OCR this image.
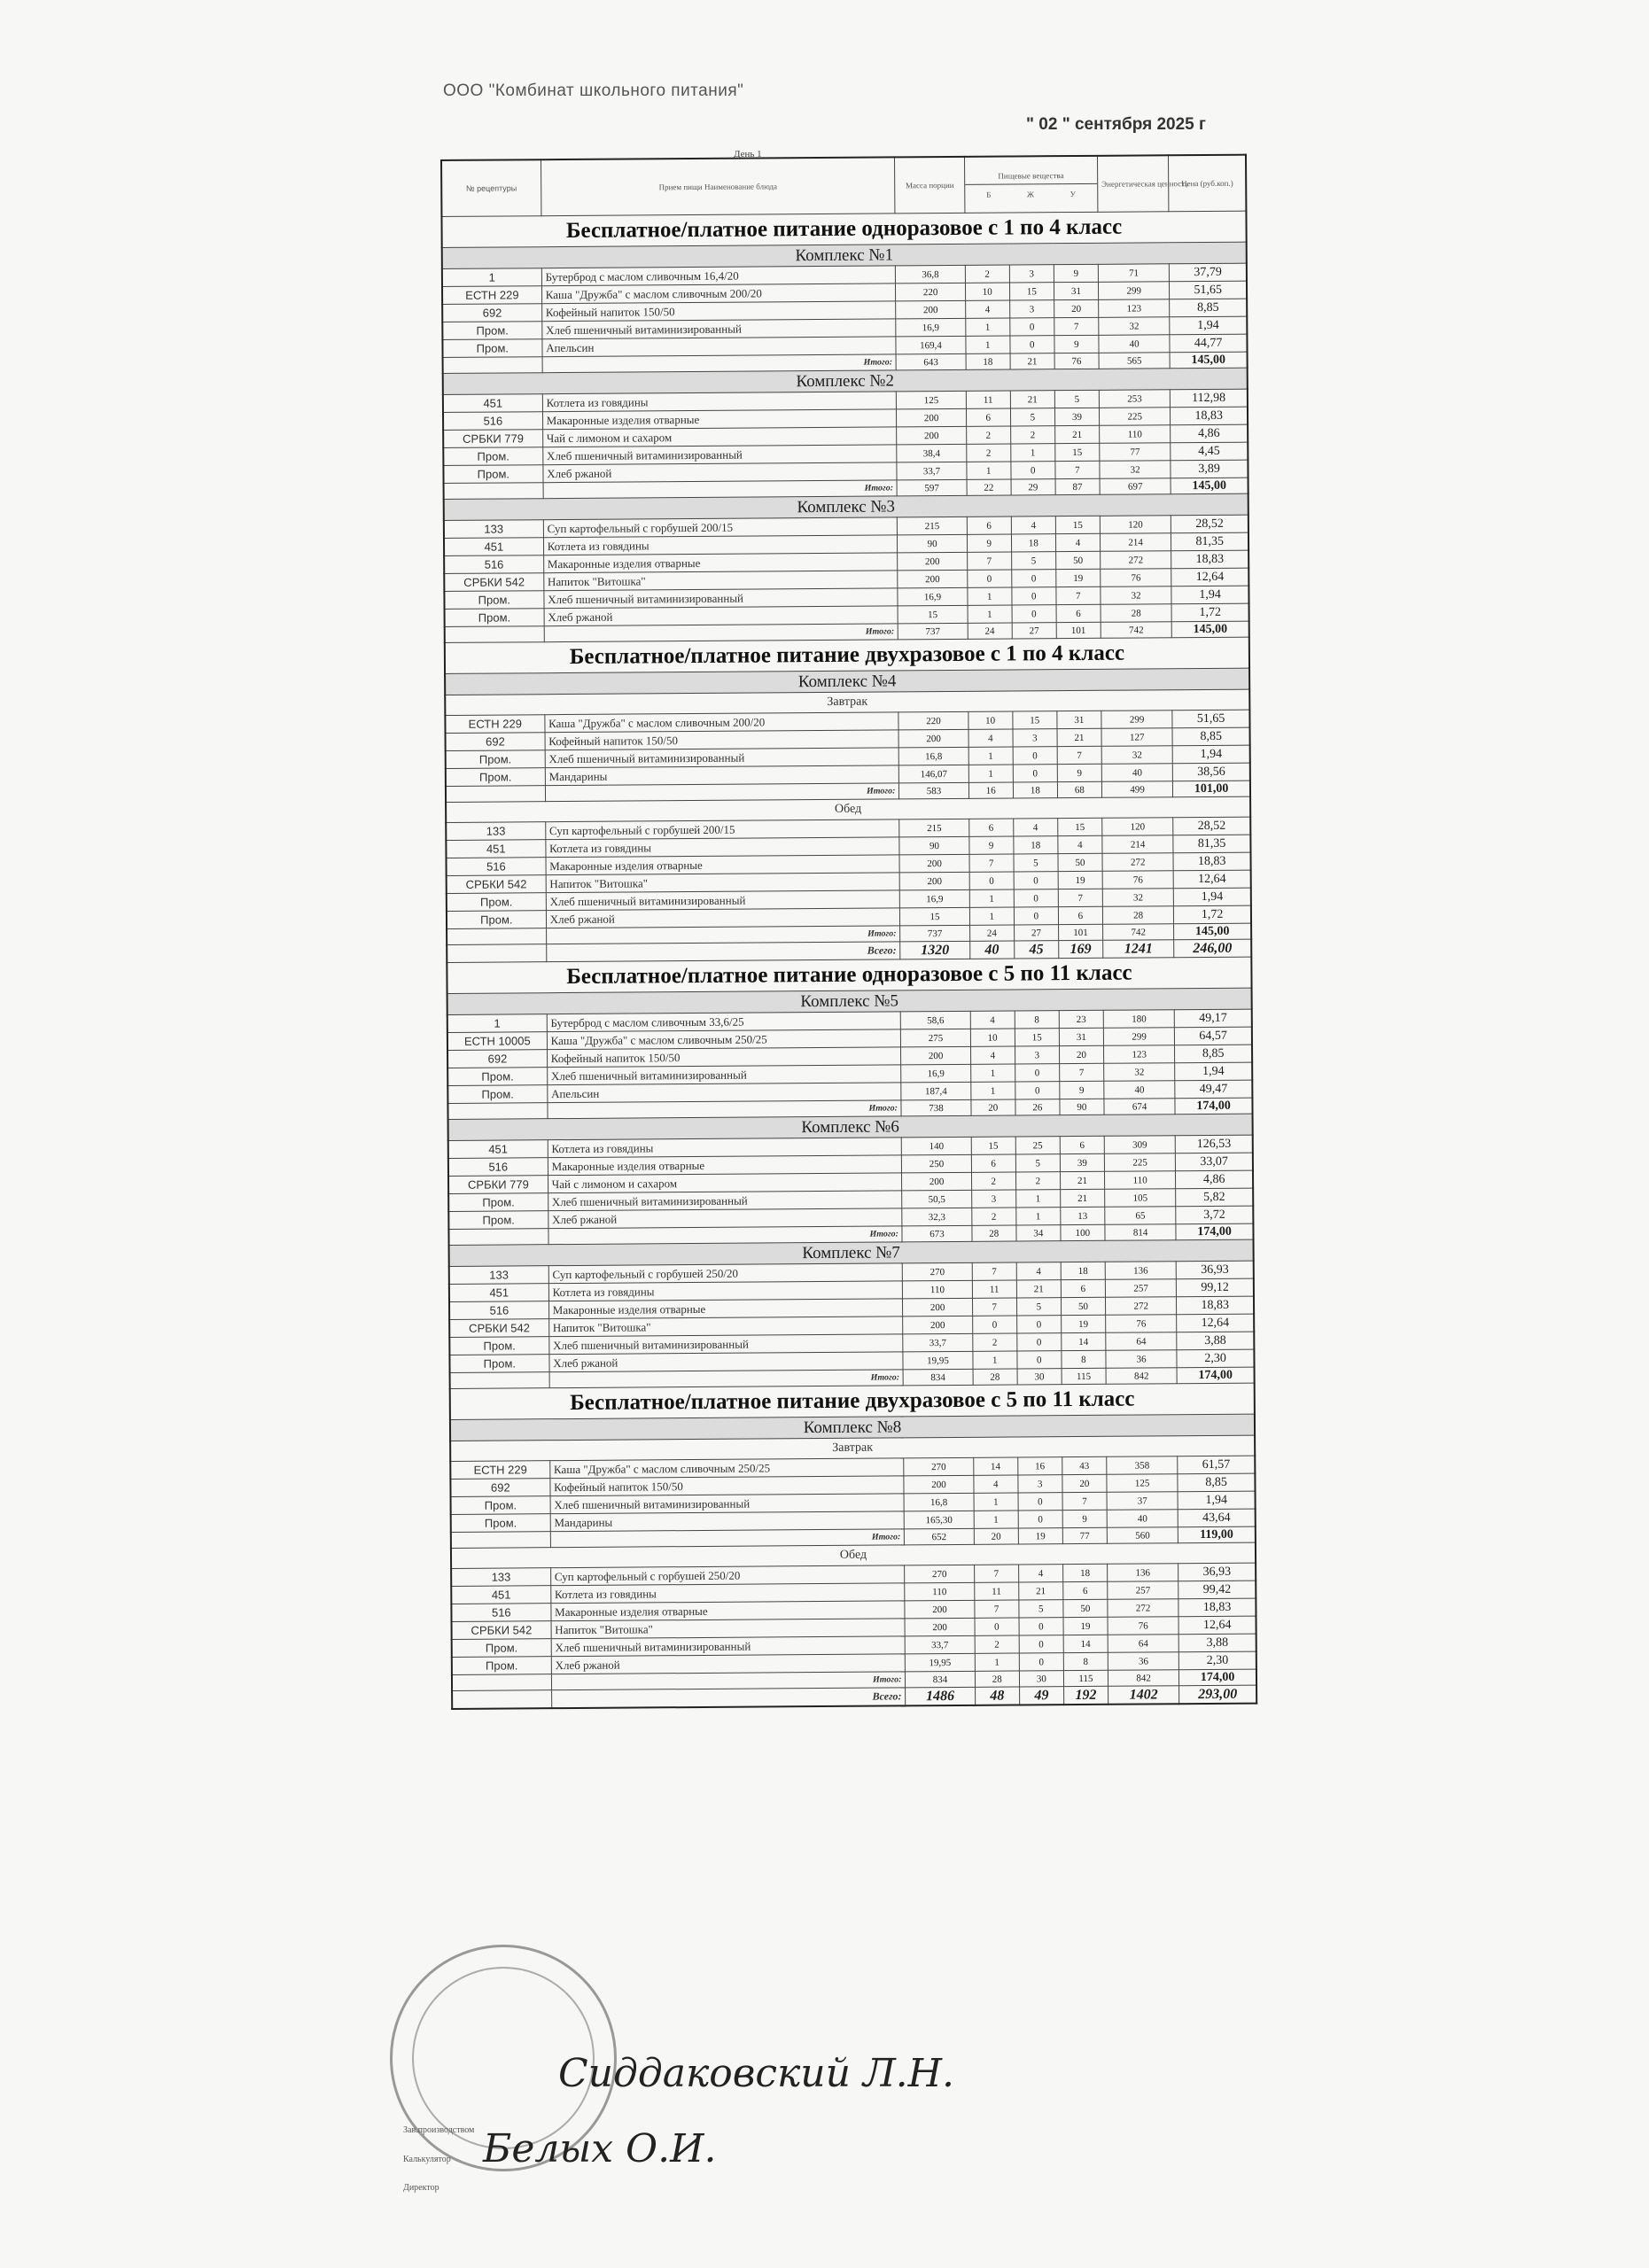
ООО "Комбинат школьного питания"
" 02 " сентября 2025 г
День 1
№ рецептуры	Прием пищи Наименование блюда	Масса порции	Пищевые вещества
Б Ж У			Энергетическая ценность	Цена (руб.коп.)
Бесплатное/платное питание одноразовое с 1 по 4 класс							
Комплекс №1							
1	Бутерброд с маслом сливочным 16,4/20	36,8	2	3	9	71	37,79
ЕСТН 229	Каша "Дружба" с маслом сливочным 200/20	220	10	15	31	299	51,65
692	Кофейный напиток 150/50	200	4	3	20	123	8,85
Пром.	Хлеб пшеничный витаминизированный	16,9	1	0	7	32	1,94
Пром.	Апельсин	169,4	1	0	9	40	44,77
	Итого:	643	18	21	76	565	145,00
Комплекс №2							
451	Котлета из говядины	125	11	21	5	253	112,98
516	Макаронные изделия отварные	200	6	5	39	225	18,83
СРБКИ 779	Чай с лимоном и сахаром	200	2	2	21	110	4,86
Пром.	Хлеб пшеничный витаминизированный	38,4	2	1	15	77	4,45
Пром.	Хлеб ржаной	33,7	1	0	7	32	3,89
	Итого:	597	22	29	87	697	145,00
Комплекс №3							
133	Суп картофельный с горбушей 200/15	215	6	4	15	120	28,52
451	Котлета из говядины	90	9	18	4	214	81,35
516	Макаронные изделия отварные	200	7	5	50	272	18,83
СРБКИ 542	Напиток "Витошка"	200	0	0	19	76	12,64
Пром.	Хлеб пшеничный витаминизированный	16,9	1	0	7	32	1,94
Пром.	Хлеб ржаной	15	1	0	6	28	1,72
	Итого:	737	24	27	101	742	145,00
Бесплатное/платное питание двухразовое с 1 по 4 класс							
Комплекс №4							
Завтрак							
ЕСТН 229	Каша "Дружба" с маслом сливочным 200/20	220	10	15	31	299	51,65
692	Кофейный напиток 150/50	200	4	3	21	127	8,85
Пром.	Хлеб пшеничный витаминизированный	16,8	1	0	7	32	1,94
Пром.	Мандарины	146,07	1	0	9	40	38,56
	Итого:	583	16	18	68	499	101,00
Обед							
133	Суп картофельный с горбушей 200/15	215	6	4	15	120	28,52
451	Котлета из говядины	90	9	18	4	214	81,35
516	Макаронные изделия отварные	200	7	5	50	272	18,83
СРБКИ 542	Напиток "Витошка"	200	0	0	19	76	12,64
Пром.	Хлеб пшеничный витаминизированный	16,9	1	0	7	32	1,94
Пром.	Хлеб ржаной	15	1	0	6	28	1,72
	Итого:	737	24	27	101	742	145,00
	Всего:	1320	40	45	169	1241	246,00
Бесплатное/платное питание одноразовое с 5 по 11 класс							
Комплекс №5							
1	Бутерброд с маслом сливочным 33,6/25	58,6	4	8	23	180	49,17
ЕСТН 10005	Каша "Дружба" с маслом сливочным 250/25	275	10	15	31	299	64,57
692	Кофейный напиток 150/50	200	4	3	20	123	8,85
Пром.	Хлеб пшеничный витаминизированный	16,9	1	0	7	32	1,94
Пром.	Апельсин	187,4	1	0	9	40	49,47
	Итого:	738	20	26	90	674	174,00
Комплекс №6							
451	Котлета из говядины	140	15	25	6	309	126,53
516	Макаронные изделия отварные	250	6	5	39	225	33,07
СРБКИ 779	Чай с лимоном и сахаром	200	2	2	21	110	4,86
Пром.	Хлеб пшеничный витаминизированный	50,5	3	1	21	105	5,82
Пром.	Хлеб ржаной	32,3	2	1	13	65	3,72
	Итого:	673	28	34	100	814	174,00
Комплекс №7							
133	Суп картофельный с горбушей 250/20	270	7	4	18	136	36,93
451	Котлета из говядины	110	11	21	6	257	99,12
516	Макаронные изделия отварные	200	7	5	50	272	18,83
СРБКИ 542	Напиток "Витошка"	200	0	0	19	76	12,64
Пром.	Хлеб пшеничный витаминизированный	33,7	2	0	14	64	3,88
Пром.	Хлеб ржаной	19,95	1	0	8	36	2,30
	Итого:	834	28	30	115	842	174,00
Бесплатное/платное питание двухразовое с 5 по 11 класс							
Комплекс №8							
Завтрак							
ЕСТН 229	Каша "Дружба" с маслом сливочным 250/25	270	14	16	43	358	61,57
692	Кофейный напиток 150/50	200	4	3	20	125	8,85
Пром.	Хлеб пшеничный витаминизированный	16,8	1	0	7	37	1,94
Пром.	Мандарины	165,30	1	0	9	40	43,64
	Итого:	652	20	19	77	560	119,00
Обед							
133	Суп картофельный с горбушей 250/20	270	7	4	18	136	36,93
451	Котлета из говядины	110	11	21	6	257	99,42
516	Макаронные изделия отварные	200	7	5	50	272	18,83
СРБКИ 542	Напиток "Витошка"	200	0	0	19	76	12,64
Пром.	Хлеб пшеничный витаминизированный	33,7	2	0	14	64	3,88
Пром.	Хлеб ржаной	19,95	1	0	8	36	2,30
	Итого:	834	28	30	115	842	174,00
	Всего:	1486	48	49	192	1402	293,00
Зав.производством
Калькулятор
Директор
Сиддаковский Л.Н.
Белых О.И.
